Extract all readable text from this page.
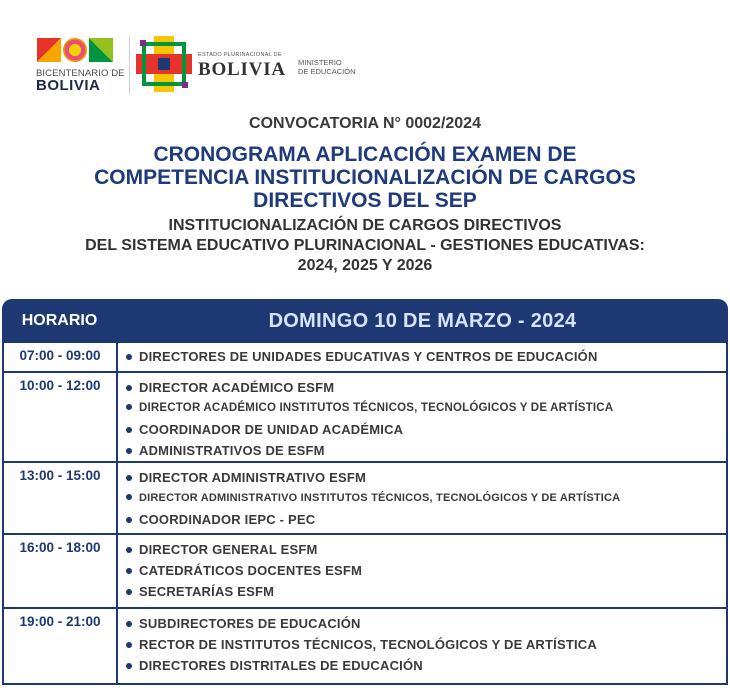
BICENTENARIO DE
BOLIVIA
ESTADO PLURINACIONAL DE
BOLIVIA MINISTERIO
DE EDUCACIÓN
CONVOCATORIA N° 0002/2024
CRONOGRAMA APLICACIÓN EXAMEN DE
COMPETENCIA INSTITUCIONALIZACIÓN DE CARGOS
DIRECTIVOS DEL SEP
INSTITUCIONALIZACIÓN DE CARGOS DIRECTIVOS
DEL SISTEMA EDUCATIVO PLURINACIONAL - GESTIONES EDUCATIVAS:
2024, 2025 Y 2026
HORARIO	DOMINGO 10 DE MARZO - 2024
07:00 - 09:00	DIRECTORES DE UNIDADES EDUCATIVAS Y CENTROS DE EDUCACIÓN
10:00 - 12:00	DIRECTOR ACADÉMICO ESFM
DIRECTOR ACADÉMICO INSTITUTOS TÉCNICOS, TECNOLÓGICOS Y DE ARTÍSTICA
COORDINADOR DE UNIDAD ACADÉMICA
ADMINISTRATIVOS DE ESFM
13:00 - 15:00	DIRECTOR ADMINISTRATIVO ESFM
DIRECTOR ADMINISTRATIVO INSTITUTOS TÉCNICOS, TECNOLÓGICOS Y DE ARTÍSTICA
COORDINADOR IEPC - PEC
16:00 - 18:00	DIRECTOR GENERAL ESFM
CATEDRÁTICOS DOCENTES ESFM
SECRETARÍAS ESFM
19:00 - 21:00	SUBDIRECTORES DE EDUCACIÓN
RECTOR DE INSTITUTOS TÉCNICOS, TECNOLÓGICOS Y DE ARTÍSTICA
DIRECTORES DISTRITALES DE EDUCACIÓN
